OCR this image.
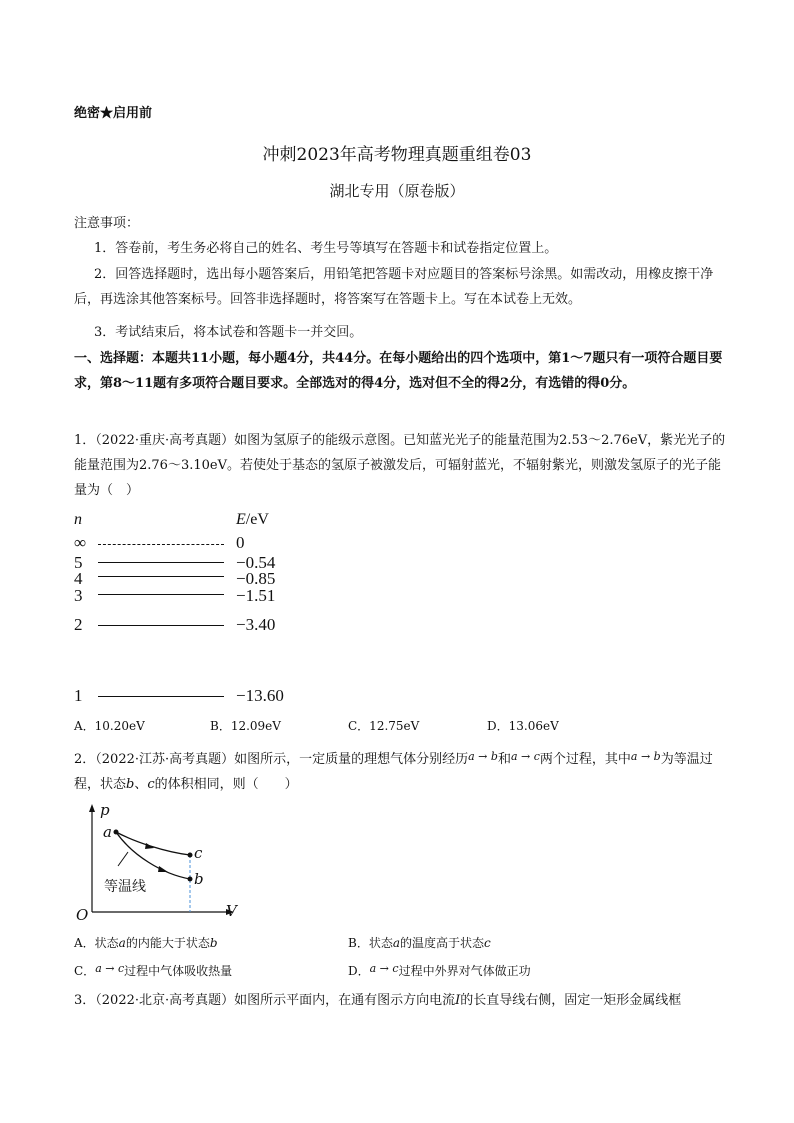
绝密★启用前
冲刺2023年高考物理真题重组卷03
湖北专用（原卷版）
注意事项：
1．答卷前，考生务必将自己的姓名、考生号等填写在答题卡和试卷指定位置上。
2．回答选择题时，选出每小题答案后，用铅笔把答题卡对应题目的答案标号涂黑。如需改动，用橡皮擦干净后，再选涂其他答案标号。回答非选择题时，将答案写在答题卡上。写在本试卷上无效。
3．考试结束后，将本试卷和答题卡一并交回。
一、选择题：本题共11小题，每小题4分，共44分。在每小题给出的四个选项中，第1～7题只有一项符合题目要求，第8～11题有多项符合题目要求。全部选对的得4分，选对但不全的得2分，有选错的得0分。
1．（2022·重庆·高考真题）如图为氢原子的能级示意图。已知蓝光光子的能量范围为2.53～2.76eV，紫光光子的能量范围为2.76～3.10eV。若使处于基态的氢原子被激发后，可辐射蓝光，不辐射紫光，则激发氢原子的光子能量为（　）
n	E/eV
∞	0
5	−0.54
4	−0.85
3	−1.51
2	−3.40
1	−13.60
A．10.20eV	B．12.09eV	C．12.75eV	D．13.06eV
2．（2022·江苏·高考真题）如图所示，一定质量的理想气体分别经历$^{a \to b}$和$^{a \to c}$两个过程，其中$^{a \to b}$为等温过程，状态b、c的体积相同，则（　　）
p
V
O
a
c
b
等温线
A．状态a的内能大于状态b	B．状态a的温度高于状态c
C．a → c过程中气体吸收热量	D．a → c过程中外界对气体做正功
3．（2022·北京·高考真题）如图所示平面内，在通有图示方向电流I的长直导线右侧，固定一矩形金属线框
